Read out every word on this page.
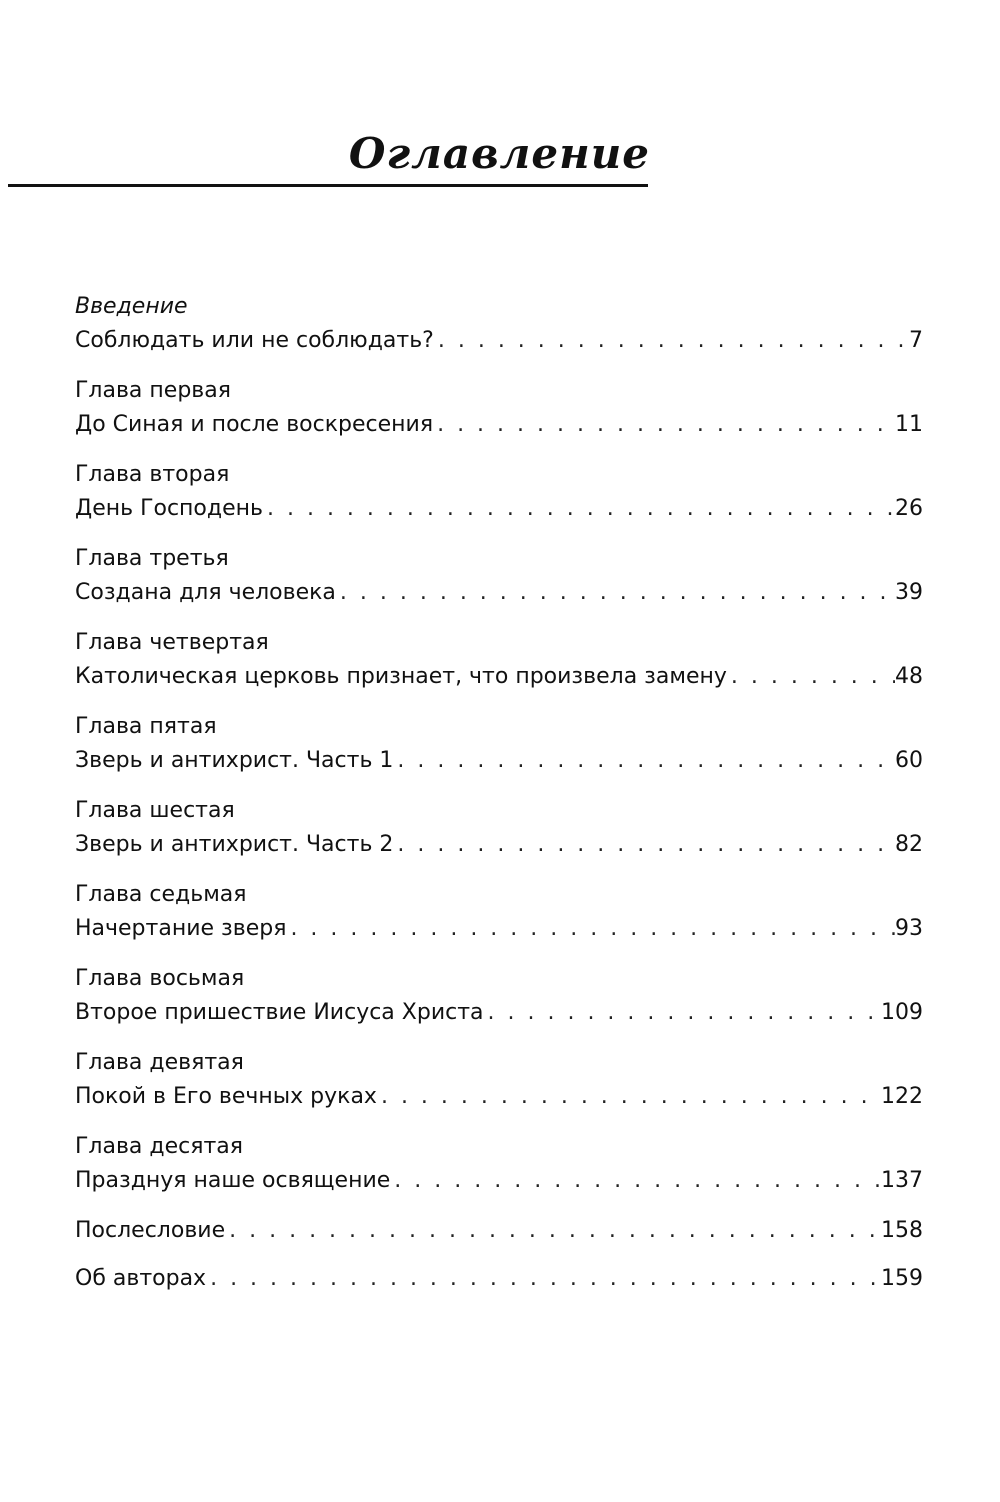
Оглавление
Введение
Соблюдать или не соблюдать? . . .	7
Глава первая
До Синая и после воскресения . . .	11
Глава вторая
День Господень . . .	26
Глава третья
Создана для человека . . .	39
Глава четвертая
Католическая церковь признает, что произвела замену . . .	48
Глава пятая
Зверь и антихрист. Часть 1 . . .	60
Глава шестая
Зверь и антихрист. Часть 2 . . .	82
Глава седьмая
Начертание зверя . . .	93
Глава восьмая
Второе пришествие Иисуса Христа . . .	109
Глава девятая
Покой в Его вечных руках . . .	122
Глава десятая
Празднуя наше освящение . . .	137
Послесловие . . .	158
Об авторах . . .	159
